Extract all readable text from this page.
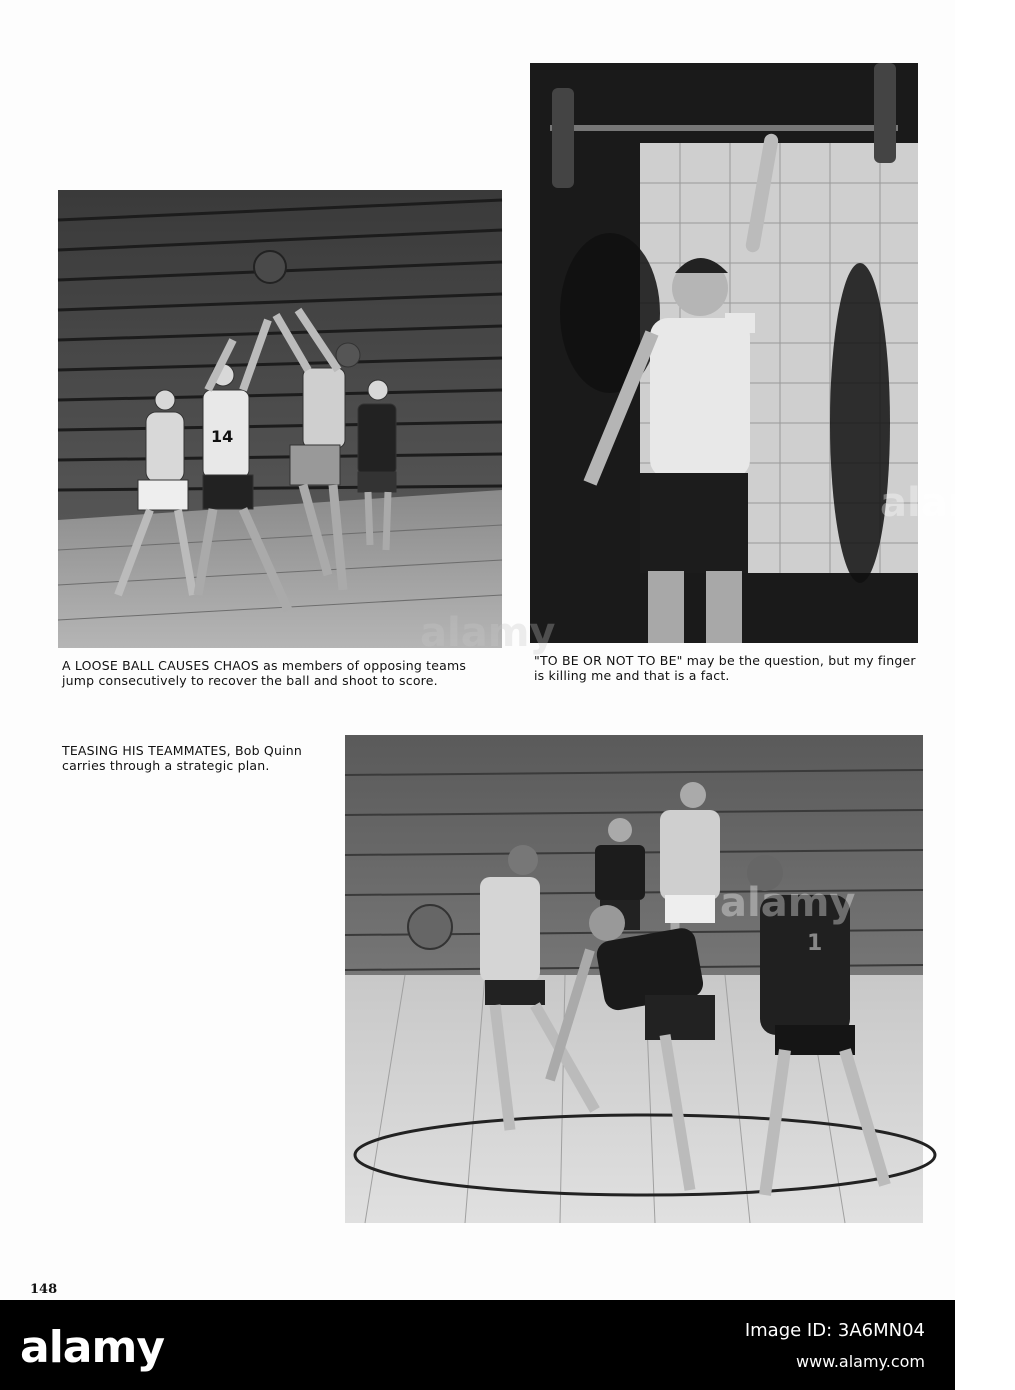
14
A LOOSE BALL CAUSES CHAOS as members of opposing teams jump consecutively to recover the ball and shoot to score.
"TO BE OR NOT TO BE" may be the question, but my finger is killing me and that is a fact.
TEASING HIS TEAMMATES, Bob Quinn carries through a strategic plan.
1
148
alamy
alamy
alamy
alamy	Image ID: 3A6MN04
www.alamy.com
